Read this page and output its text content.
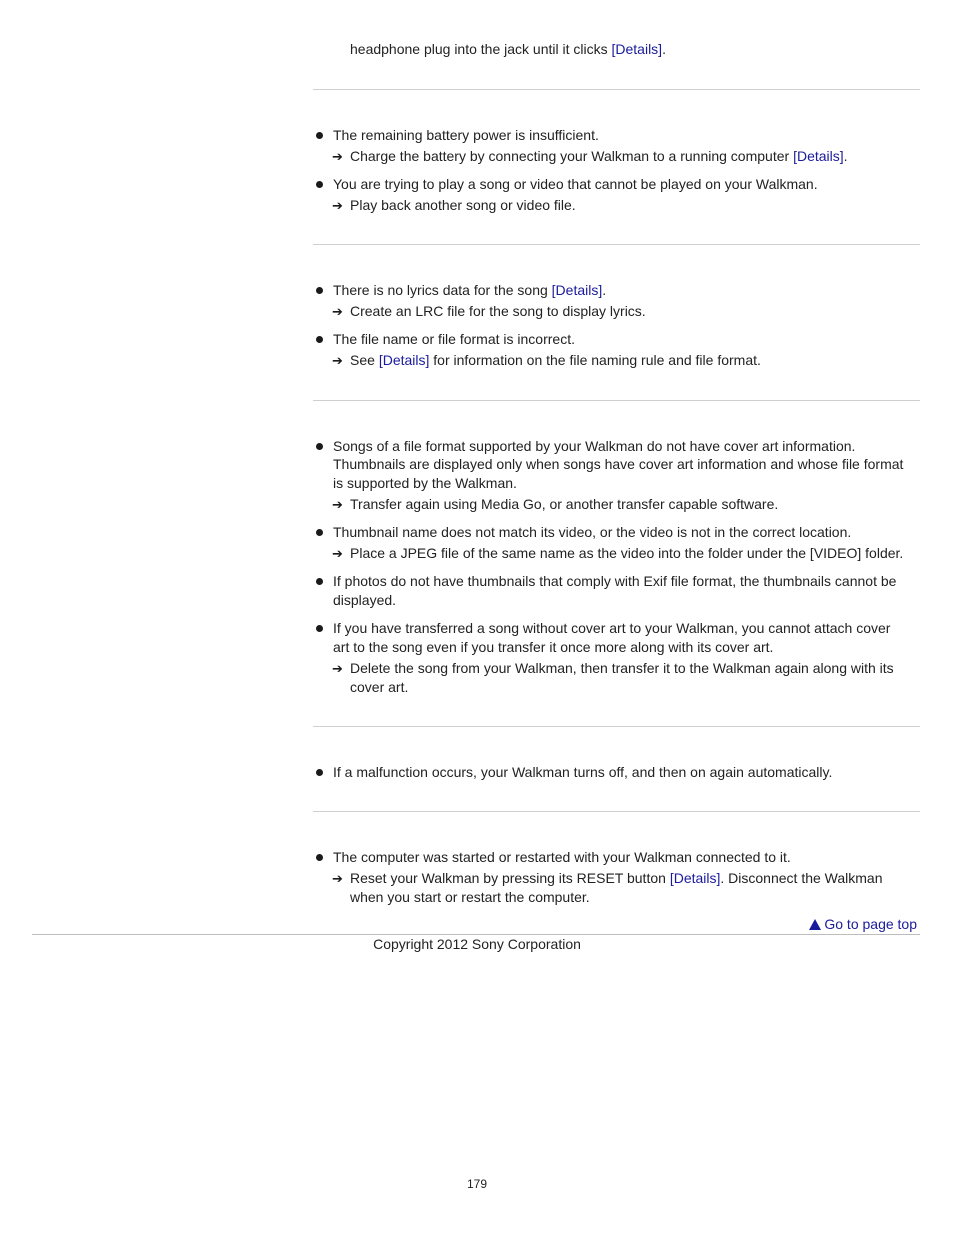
headphone plug into the jack until it clicks [Details].
The remaining battery power is insufficient.
➔ Charge the battery by connecting your Walkman to a running computer [Details].
You are trying to play a song or video that cannot be played on your Walkman.
➔ Play back another song or video file.
There is no lyrics data for the song [Details].
➔ Create an LRC file for the song to display lyrics.
The file name or file format is incorrect.
➔ See [Details] for information on the file naming rule and file format.
Songs of a file format supported by your Walkman do not have cover art information.
Thumbnails are displayed only when songs have cover art information and whose file format
is supported by the Walkman.
➔ Transfer again using Media Go, or another transfer capable software.
Thumbnail name does not match its video, or the video is not in the correct location.
➔ Place a JPEG file of the same name as the video into the folder under the [VIDEO] folder.
If photos do not have thumbnails that comply with Exif file format, the thumbnails cannot be
displayed.
If you have transferred a song without cover art to your Walkman, you cannot attach cover
art to the song even if you transfer it once more along with its cover art.
➔ Delete the song from your Walkman, then transfer it to the Walkman again along with its
cover art.
If a malfunction occurs, your Walkman turns off, and then on again automatically.
The computer was started or restarted with your Walkman connected to it.
➔ Reset your Walkman by pressing its RESET button [Details]. Disconnect the Walkman
when you start or restart the computer.
Go to page top
Copyright 2012 Sony Corporation
179
